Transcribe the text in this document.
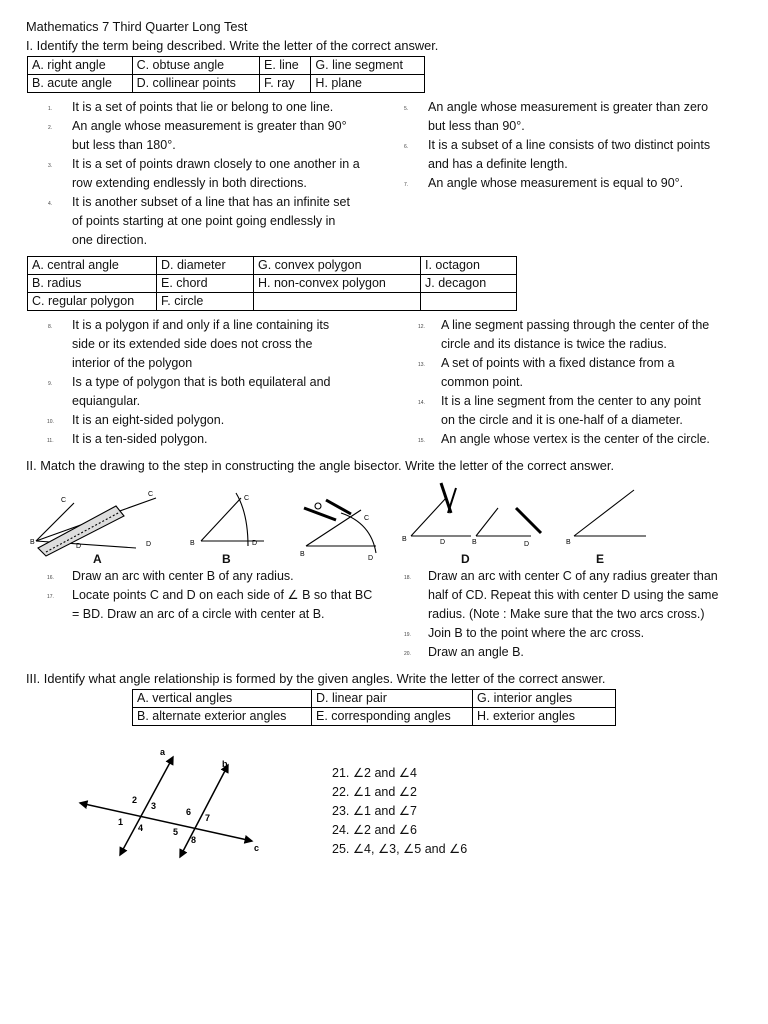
Mathematics 7 Third Quarter Long Test
I. Identify the term being described. Write the letter of the correct answer.
A. right angle	C. obtuse angle	E. line	G. line segment
B. acute angle	D. collinear points	F. ray	H. plane
1. It is a set of points that lie or belong to one line.
2. An angle whose measurement is greater than 90°
but less than 180°.
3. It is a set of points drawn closely to one another in a
row extending endlessly in both directions.
4. It is another subset of a line that has an infinite set
of points starting at one point going endlessly in
one direction.
5. An angle whose measurement is greater than zero
but less than 90°.
6. It is a subset of a line consists of two distinct points
and has a definite length.
7. An angle whose measurement is equal to 90°.
A. central angle	D. diameter	G. convex polygon	I. octagon
B. radius	E. chord	H. non-convex polygon	J. decagon
C. regular polygon	F. circle		
8. It is a polygon if and only if a line containing its
side or its extended side does not cross the
interior of the polygon
9. Is a type of polygon that is both equilateral and
equiangular.
10. It is an eight-sided polygon.
11. It is a ten-sided polygon.
12. A line segment passing through the center of the
circle and its distance is twice the radius.
13. A set of points with a fixed distance from a
common point.
14. It is a line segment from the center to any point
on the circle and it is one-half of a diameter.
15. An angle whose vertex is the center of the circle.
II. Match the drawing to the step in constructing the angle bisector. Write the letter of the correct answer.
B
C
D
C
D	B
C
D
B
C
D
B	D	B	D	B
A	B	D	E
16. Draw an arc with center B of any radius.
17. Locate points C and D on each side of ∠ B so that BC
= BD. Draw an arc of a circle with center at B.
18. Draw an arc with center C of any radius greater than
half of CD. Repeat this with center D using the same
radius. (Note : Make sure that the two arcs cross.)
19. Join B to the point where the arc cross.
20. Draw an angle B.
III. Identify what angle relationship is formed by the given angles. Write the letter of the correct answer.
A. vertical angles	D. linear pair	G. interior angles
B. alternate exterior angles	E. corresponding angles	H. exterior angles
a
b
c
1
2
3
4	5
6
7
8
21. ∠2 and ∠4
22. ∠1 and ∠2
23. ∠1 and ∠7
24. ∠2 and ∠6
25. ∠4, ∠3, ∠5 and ∠6
